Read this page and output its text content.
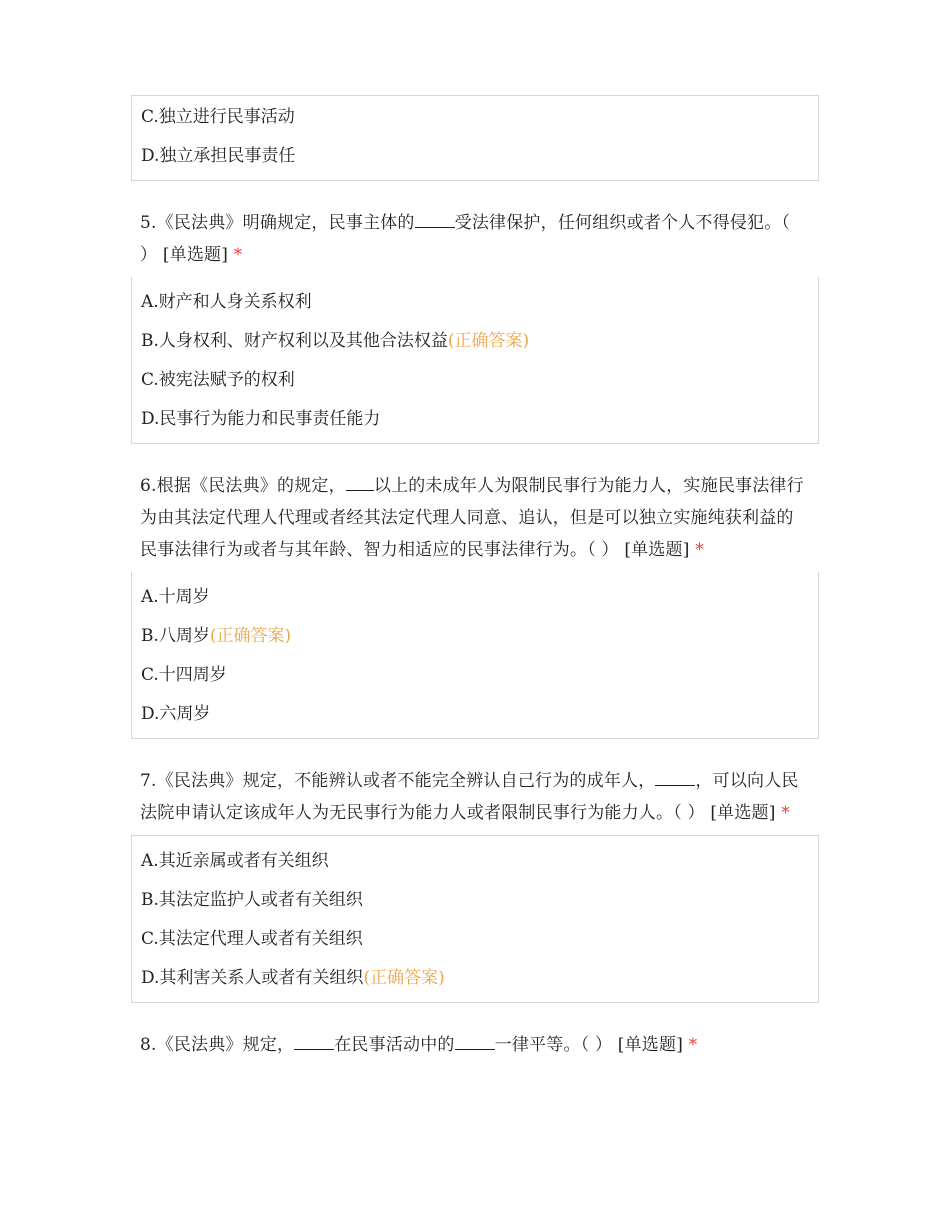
C.独立进行民事活动
D.独立承担民事责任
5.《民法典》明确规定，民事主体的 受法律保护，任何组织或者个人不得侵犯。（ ） [单选题] *
A.财产和人身关系权利
B.人身权利、财产权利以及其他合法权益(正确答案)
C.被宪法赋予的权利
D.民事行为能力和民事责任能力
6.根据《民法典》的规定， 以上的未成年人为限制民事行为能力人，实施民事法律行为由其法定代理人代理或者经其法定代理人同意、追认，但是可以独立实施纯获利益的民事法律行为或者与其年龄、智力相适应的民事法律行为。（ ） [单选题] *
A.十周岁
B.八周岁(正确答案)
C.十四周岁
D.六周岁
7.《民法典》规定，不能辨认或者不能完全辨认自己行为的成年人， ，可以向人民法院申请认定该成年人为无民事行为能力人或者限制民事行为能力人。（ ） [单选题] *
A.其近亲属或者有关组织
B.其法定监护人或者有关组织
C.其法定代理人或者有关组织
D.其利害关系人或者有关组织(正确答案)
8.《民法典》规定， 在民事活动中的 一律平等。（ ） [单选题] *
